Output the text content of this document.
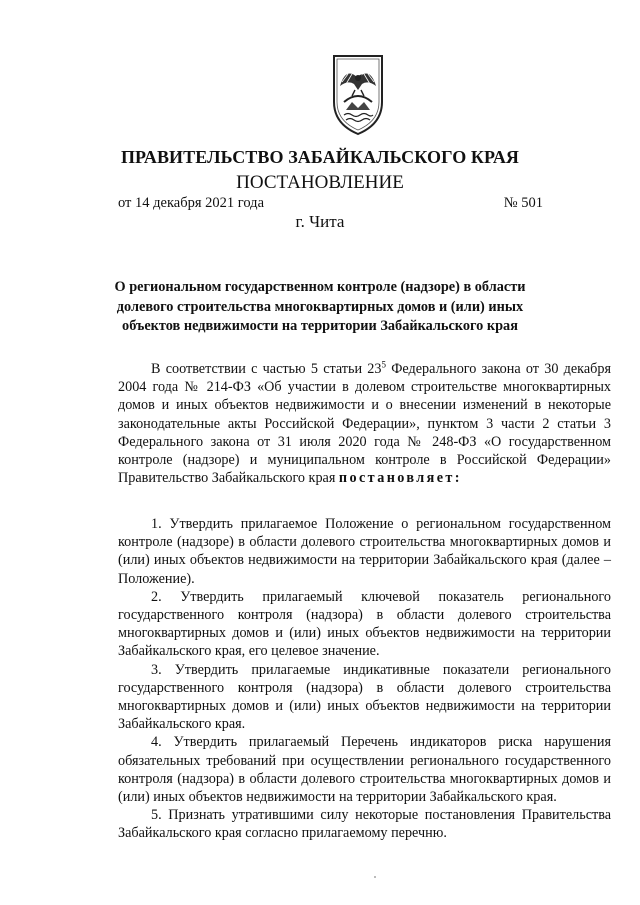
ПРАВИТЕЛЬСТВО ЗАБАЙКАЛЬСКОГО КРАЯ
ПОСТАНОВЛЕНИЕ
от 14 декабря 2021 года	№ 501
г. Чита
О региональном государственном контроле (надзоре) в области долевого строительства многоквартирных домов и (или) иных объектов недвижимости на территории Забайкальского края

В соответствии с частью 5 статьи $23^5$ Федерального закона от 30 декабря 2004 года № 214-ФЗ «Об участии в долевом строительстве многоквартирных домов и иных объектов недвижимости и о внесении изменений в некоторые законодательные акты Российской Федерации», пунктом 3 части 2 статьи 3 Федерального закона от 31 июля 2020 года № 248-ФЗ «О государственном контроле (надзоре) и муниципальном контроле в Российской Федерации» Правительство Забайкальского края постановляет:

1. Утвердить прилагаемое Положение о региональном государственном контроле (надзоре) в области долевого строительства многоквартирных домов и (или) иных объектов недвижимости на территории Забайкальского края (далее – Положение).

2. Утвердить прилагаемый ключевой показатель регионального государственного контроля (надзора) в области долевого строительства многоквартирных домов и (или) иных объектов недвижимости на территории Забайкальского края, его целевое значение.

3. Утвердить прилагаемые индикативные показатели регионального государственного контроля (надзора) в области долевого строительства многоквартирных домов и (или) иных объектов недвижимости на территории Забайкальского края.

4. Утвердить прилагаемый Перечень индикаторов риска нарушения обязательных требований при осуществлении регионального государственного контроля (надзора) в области долевого строительства многоквартирных домов и (или) иных объектов недвижимости на территории Забайкальского края.

5. Признать утратившими силу некоторые постановления Правительства Забайкальского края согласно прилагаемому перечню.
